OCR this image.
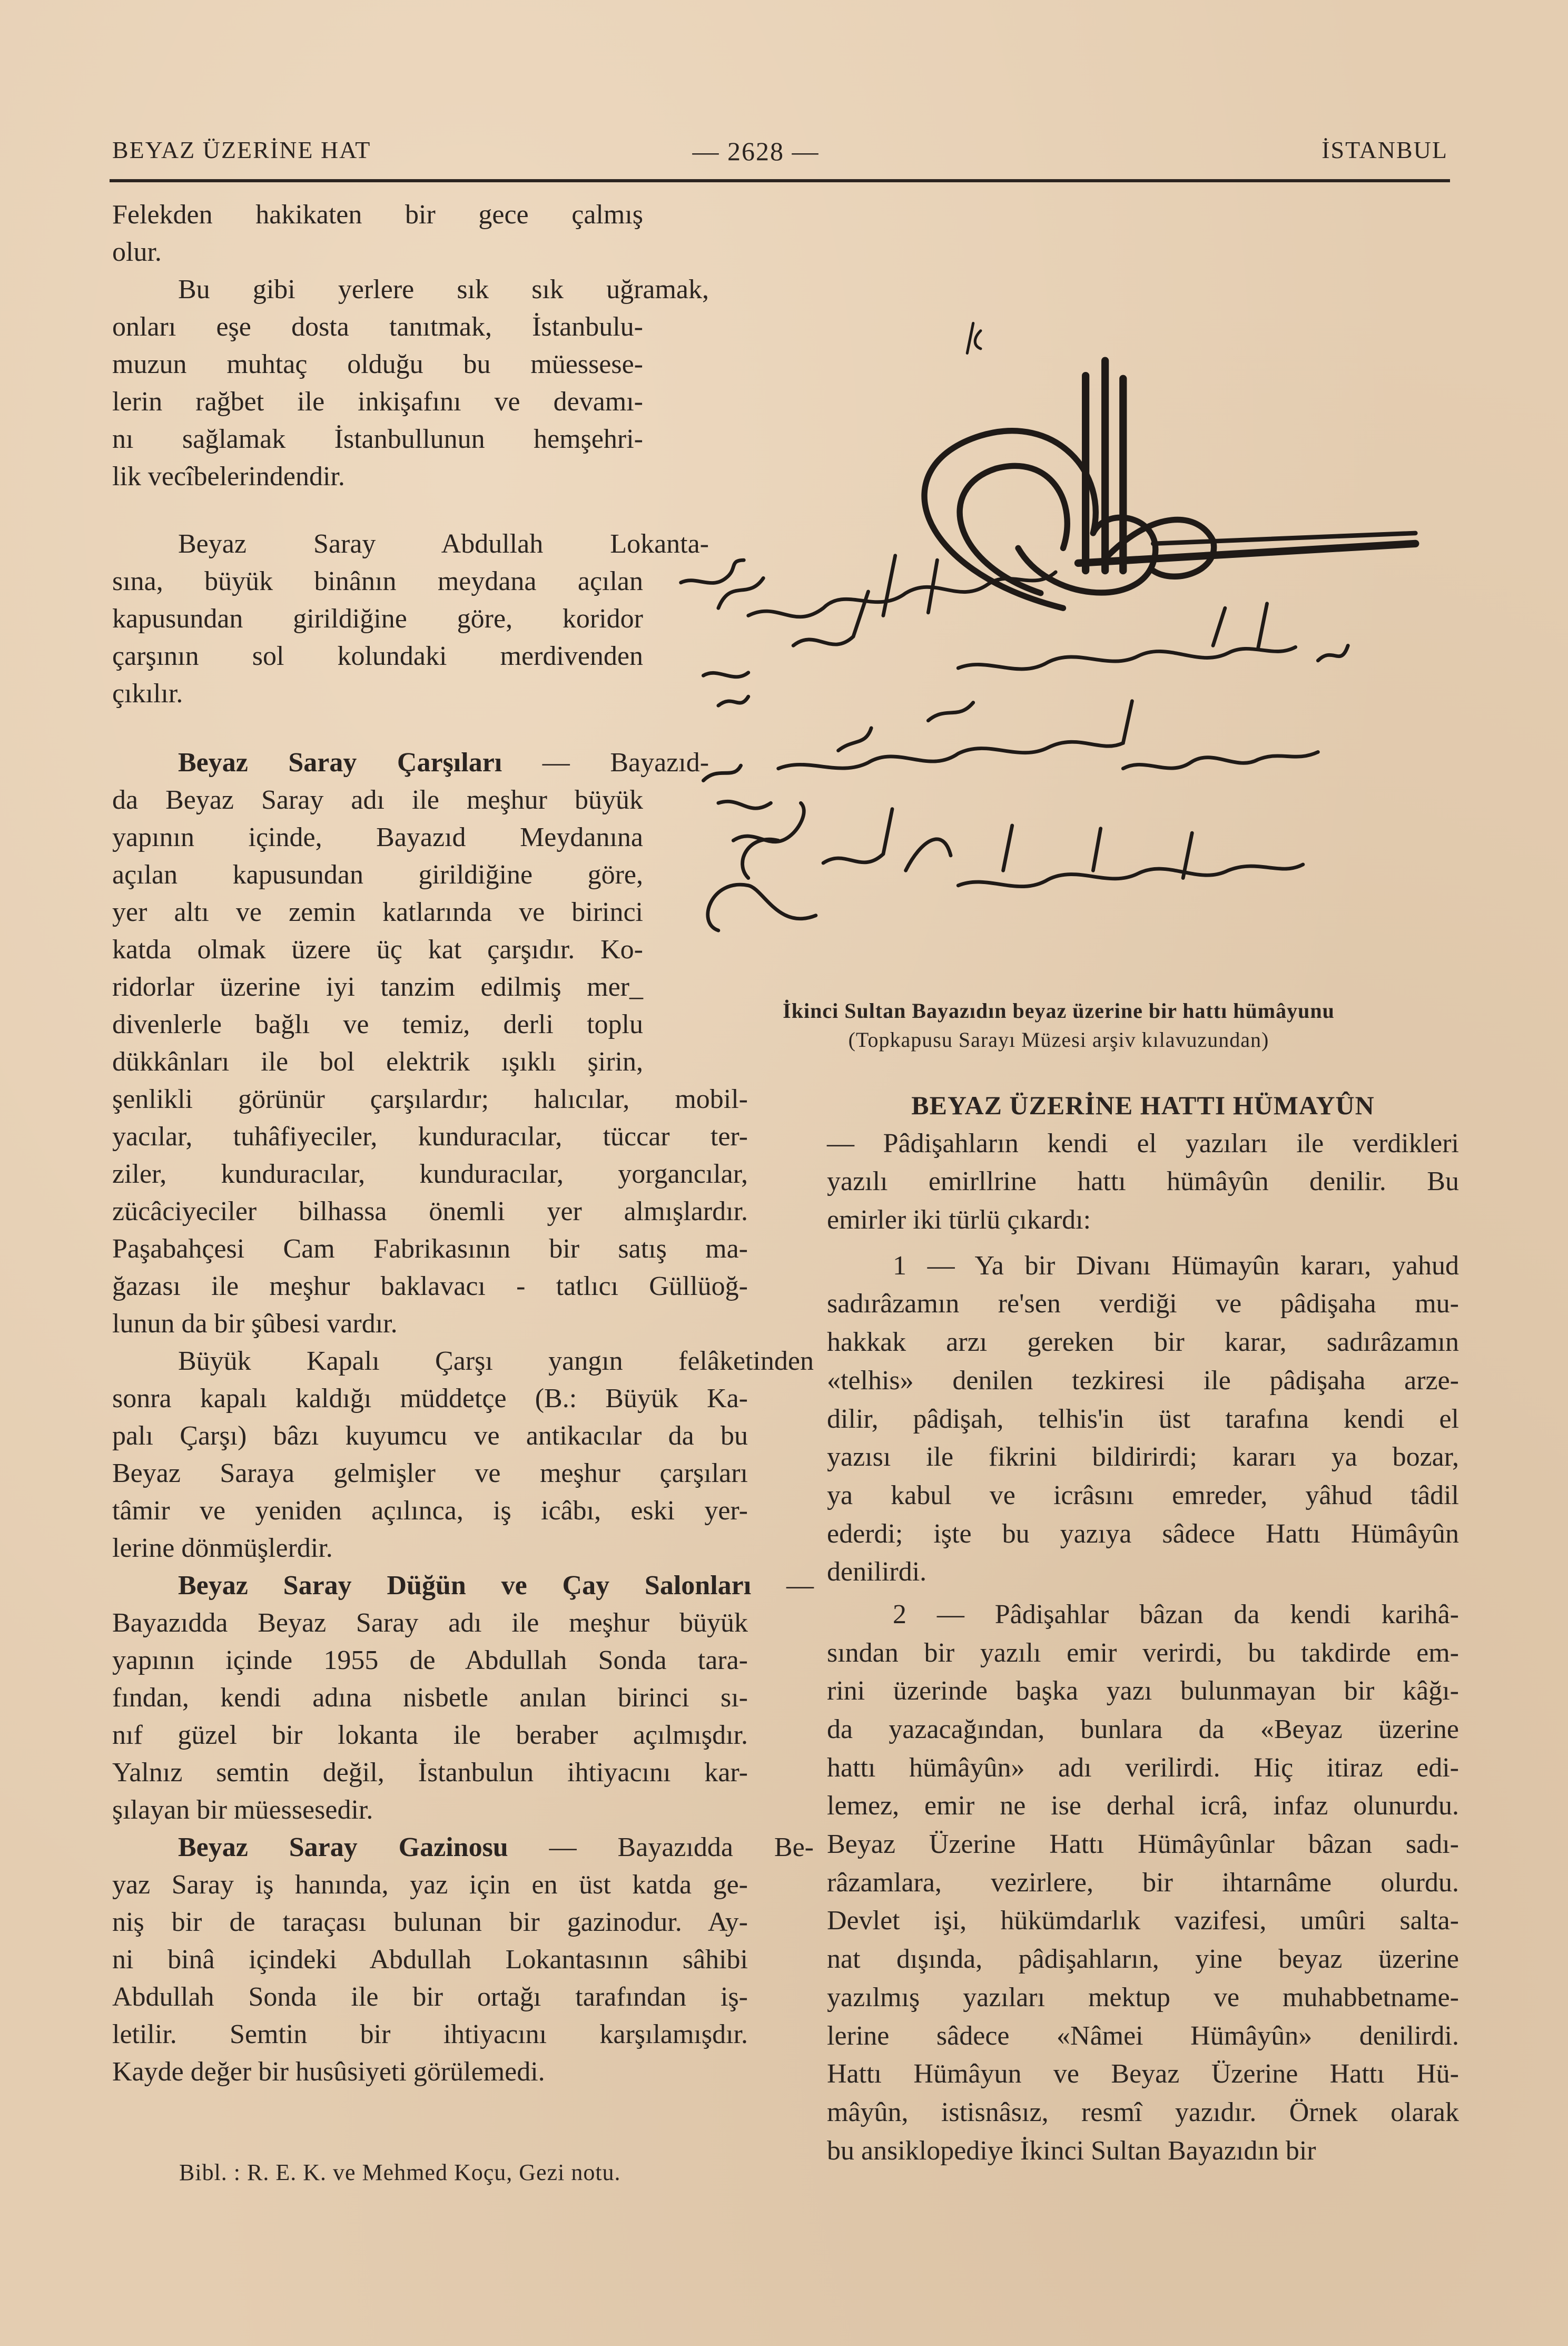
BEYAZ ÜZERİNE HAT	— 2628 —	İSTANBUL
Felekden hakikaten bir gece çalmış
olur.
Bu gibi yerlere sık sık uğramak,
onları eşe dosta tanıtmak, İstanbulu-
muzun muhtaç olduğu bu müessese-
lerin rağbet ile inkişafını ve devamı-
nı sağlamak İstanbullunun hemşehri-
lik vecîbelerindendir.
Beyaz Saray Abdullah Lokanta-
sına, büyük binânın meydana açılan
kapusundan girildiğine göre, koridor
çarşının sol kolundaki merdivenden
çıkılır.
Beyaz Saray Çarşıları — Bayazıd-
da Beyaz Saray adı ile meşhur büyük
yapının içinde, Bayazıd Meydanına
açılan kapusundan girildiğine göre,
yer altı ve zemin katlarında ve birinci
katda olmak üzere üç kat çarşıdır. Ko-
ridorlar üzerine iyi tanzim edilmiş mer_
divenlerle bağlı ve temiz, derli toplu
dükkânları ile bol elektrik ışıklı şirin,
şenlikli görünür çarşılardır; halıcılar, mobil-
yacılar, tuhâfiyeciler, kunduracılar, tüccar ter-
ziler, kunduracılar, kunduracılar, yorgancılar,
zücâciyeciler bilhassa önemli yer almışlardır.
Paşabahçesi Cam Fabrikasının bir satış ma-
ğazası ile meşhur baklavacı - tatlıcı Güllüoğ-
lunun da bir şûbesi vardır.
Büyük Kapalı Çarşı yangın felâketinden
sonra kapalı kaldığı müddetçe (B.: Büyük Ka-
palı Çarşı) bâzı kuyumcu ve antikacılar da bu
Beyaz Saraya gelmişler ve meşhur çarşıları
tâmir ve yeniden açılınca, iş icâbı, eski yer-
lerine dönmüşlerdir.
Beyaz Saray Düğün ve Çay Salonları —
Bayazıdda Beyaz Saray adı ile meşhur büyük
yapının içinde 1955 de Abdullah Sonda tara-
fından, kendi adına nisbetle anılan birinci sı-
nıf güzel bir lokanta ile beraber açılmışdır.
Yalnız semtin değil, İstanbulun ihtiyacını kar-
şılayan bir müessesedir.
Beyaz Saray Gazinosu — Bayazıdda Be-
yaz Saray iş hanında, yaz için en üst katda ge-
niş bir de taraçası bulunan bir gazinodur. Ay-
ni binâ içindeki Abdullah Lokantasının sâhibi
Abdullah Sonda ile bir ortağı tarafından iş-
letilir. Semtin bir ihtiyacını karşılamışdır.
Kayde değer bir husûsiyeti görülemedi.
Bibl. : R. E. K. ve Mehmed Koçu, Gezi notu.
İkinci Sultan Bayazıdın beyaz üzerine bir hattı hümâyunu
(Topkapusu Sarayı Müzesi arşiv kılavuzundan)
BEYAZ ÜZERİNE HATTI HÜMAYÛN
— Pâdişahların kendi el yazıları ile verdikleri
yazılı emirllrine hattı hümâyûn denilir. Bu
emirler iki türlü çıkardı:
1 — Ya bir Divanı Hümayûn kararı, yahud
sadırâzamın re'sen verdiği ve pâdişaha mu-
hakkak arzı gereken bir karar, sadırâzamın
«telhis» denilen tezkiresi ile pâdişaha arze-
dilir, pâdişah, telhis'in üst tarafına kendi el
yazısı ile fikrini bildirirdi; kararı ya bozar,
ya kabul ve icrâsını emreder, yâhud tâdil
ederdi; işte bu yazıya sâdece Hattı Hümâyûn
denilirdi.
2 — Pâdişahlar bâzan da kendi karihâ-
sından bir yazılı emir verirdi, bu takdirde em-
rini üzerinde başka yazı bulunmayan bir kâğı-
da yazacağından, bunlara da «Beyaz üzerine
hattı hümâyûn» adı verilirdi. Hiç itiraz edi-
lemez, emir ne ise derhal icrâ, infaz olunurdu.
Beyaz Üzerine Hattı Hümâyûnlar bâzan sadı-
râzamlara, vezirlere, bir ihtarnâme olurdu.
Devlet işi, hükümdarlık vazifesi, umûri salta-
nat dışında, pâdişahların, yine beyaz üzerine
yazılmış yazıları mektup ve muhabbetname-
lerine sâdece «Nâmei Hümâyûn» denilirdi.
Hattı Hümâyun ve Beyaz Üzerine Hattı Hü-
mâyûn, istisnâsız, resmî yazıdır. Örnek olarak
bu ansiklopediye İkinci Sultan Bayazıdın bir
